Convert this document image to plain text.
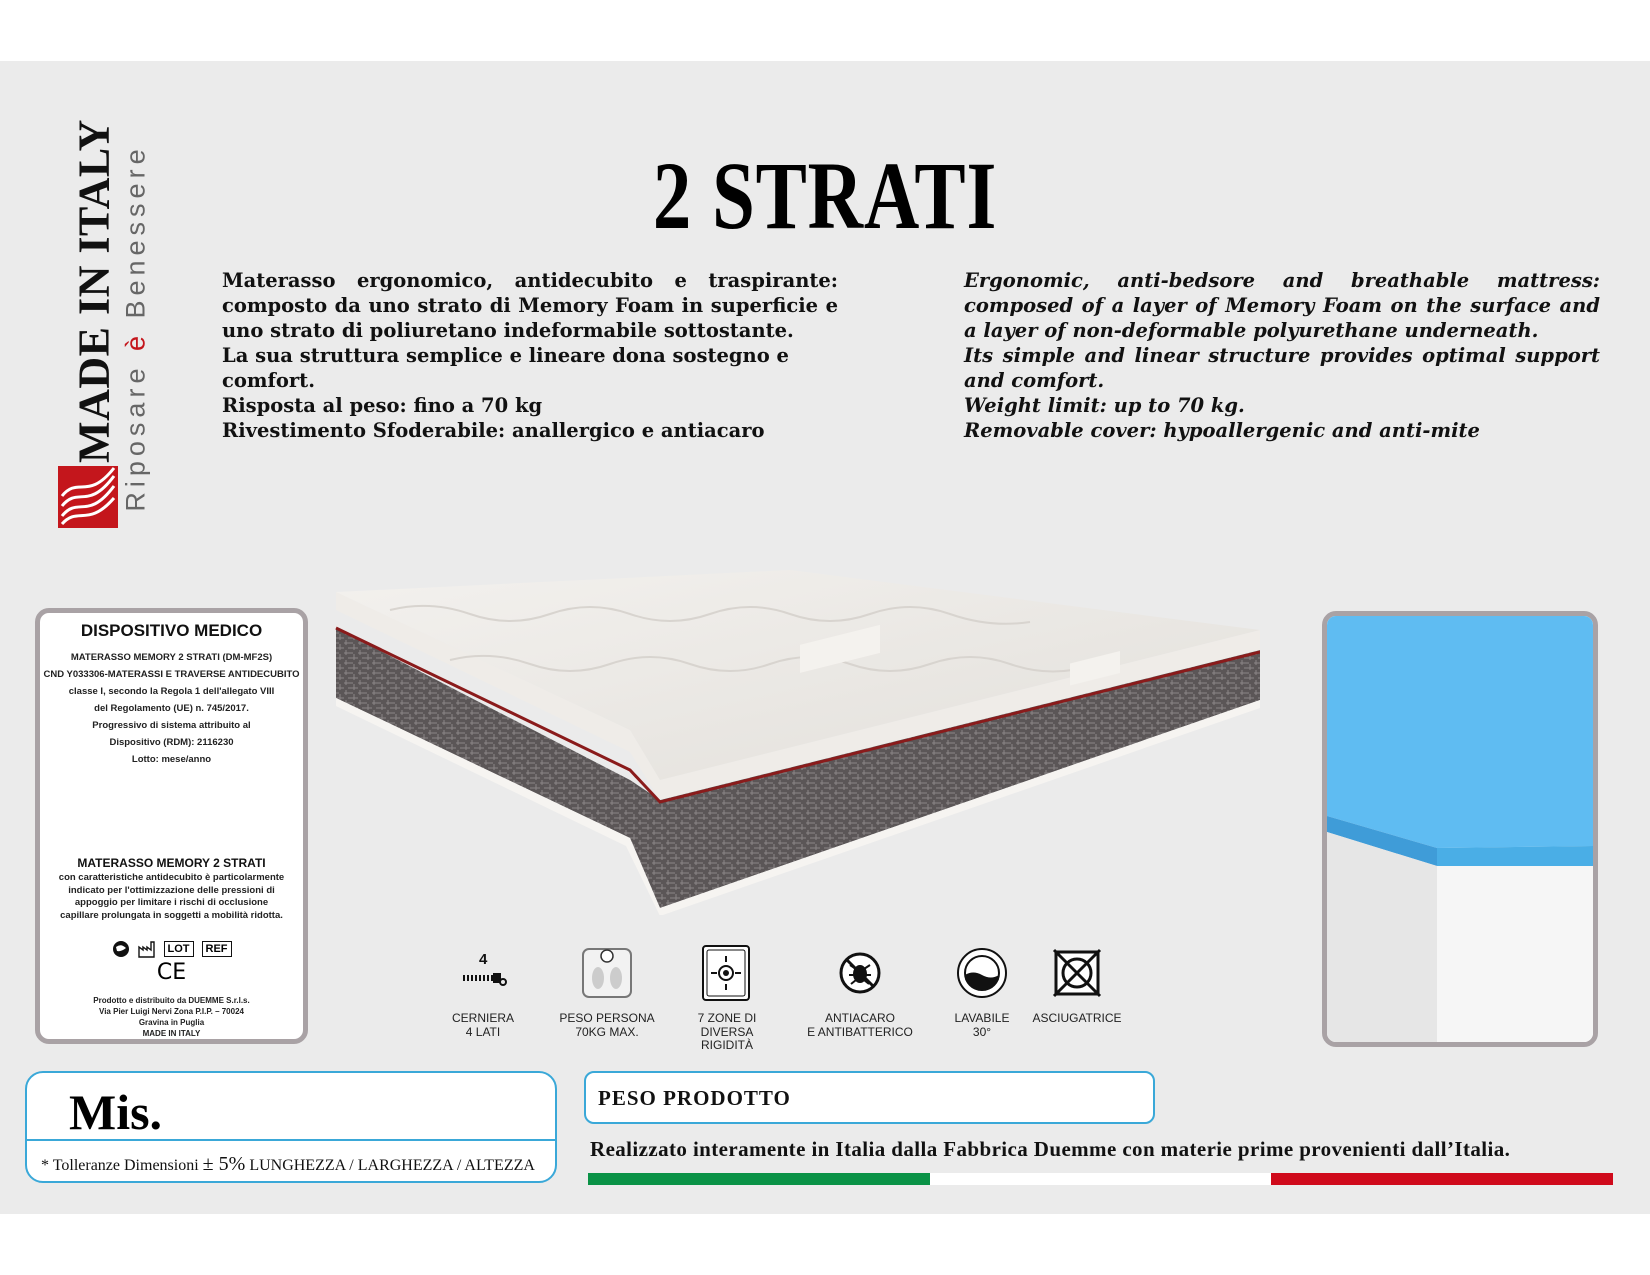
MADE IN ITALY Riposare è Benessere	2 STRATI

Materasso ergonomico, antidecubito e traspirante: composto da uno strato di Memory Foam in superficie e uno strato di poliuretano indeformabile sottostante.

La sua struttura semplice e lineare dona sostegno e comfort.

Risposta al peso: fino a 70 kg

Rivestimento Sfoderabile: anallergico e antiacaro

Ergonomic, anti-bedsore and breathable mattress: composed of a layer of Memory Foam on the surface and a layer of non-deformable polyurethane underneath.

Its simple and linear structure provides optimal support and comfort.

Weight limit: up to 70 kg.

Removable cover: hypoallergenic and anti-mite

DISPOSITIVO MEDICO
MATERASSO MEMORY 2 STRATI (DM-MF2S)
CND Y033306-MATERASSI E TRAVERSE ANTIDECUBITO
classe I, secondo la Regola 1 dell'allegato VIII
del Regolamento (UE) n. 745/2017.
Progressivo di sistema attribuito al
Dispositivo (RDM): 2116230
Lotto: mese/anno
MATERASSO MEMORY 2 STRATI
con caratteristiche antidecubito è particolarmente indicato per l'ottimizzazione delle pressioni di appoggio per limitare i rischi di occlusione capillare prolungata in soggetti a mobilità ridotta.
LOT	REF
CE
Prodotto e distribuito da DUEMME S.r.l.s.
Via Pier Luigi Nervi Zona P.I.P. – 70024
Gravina in Puglia
MADE IN ITALY
4
CERNIERA
4 LATI
PESO PERSONA
70KG MAX.
7 ZONE DI
DIVERSA
RIGIDITÀ
ANTIACARO
E ANTIBATTERICO
LAVABILE
30°
ASCIUGATRICE
Mis.
* Tolleranze Dimensioni ± 5% LUNGHEZZA / LARGHEZZA / ALTEZZA
PESO PRODOTTO
Realizzato interamente in Italia dalla Fabbrica Duemme con materie prime provenienti dall’Italia.
